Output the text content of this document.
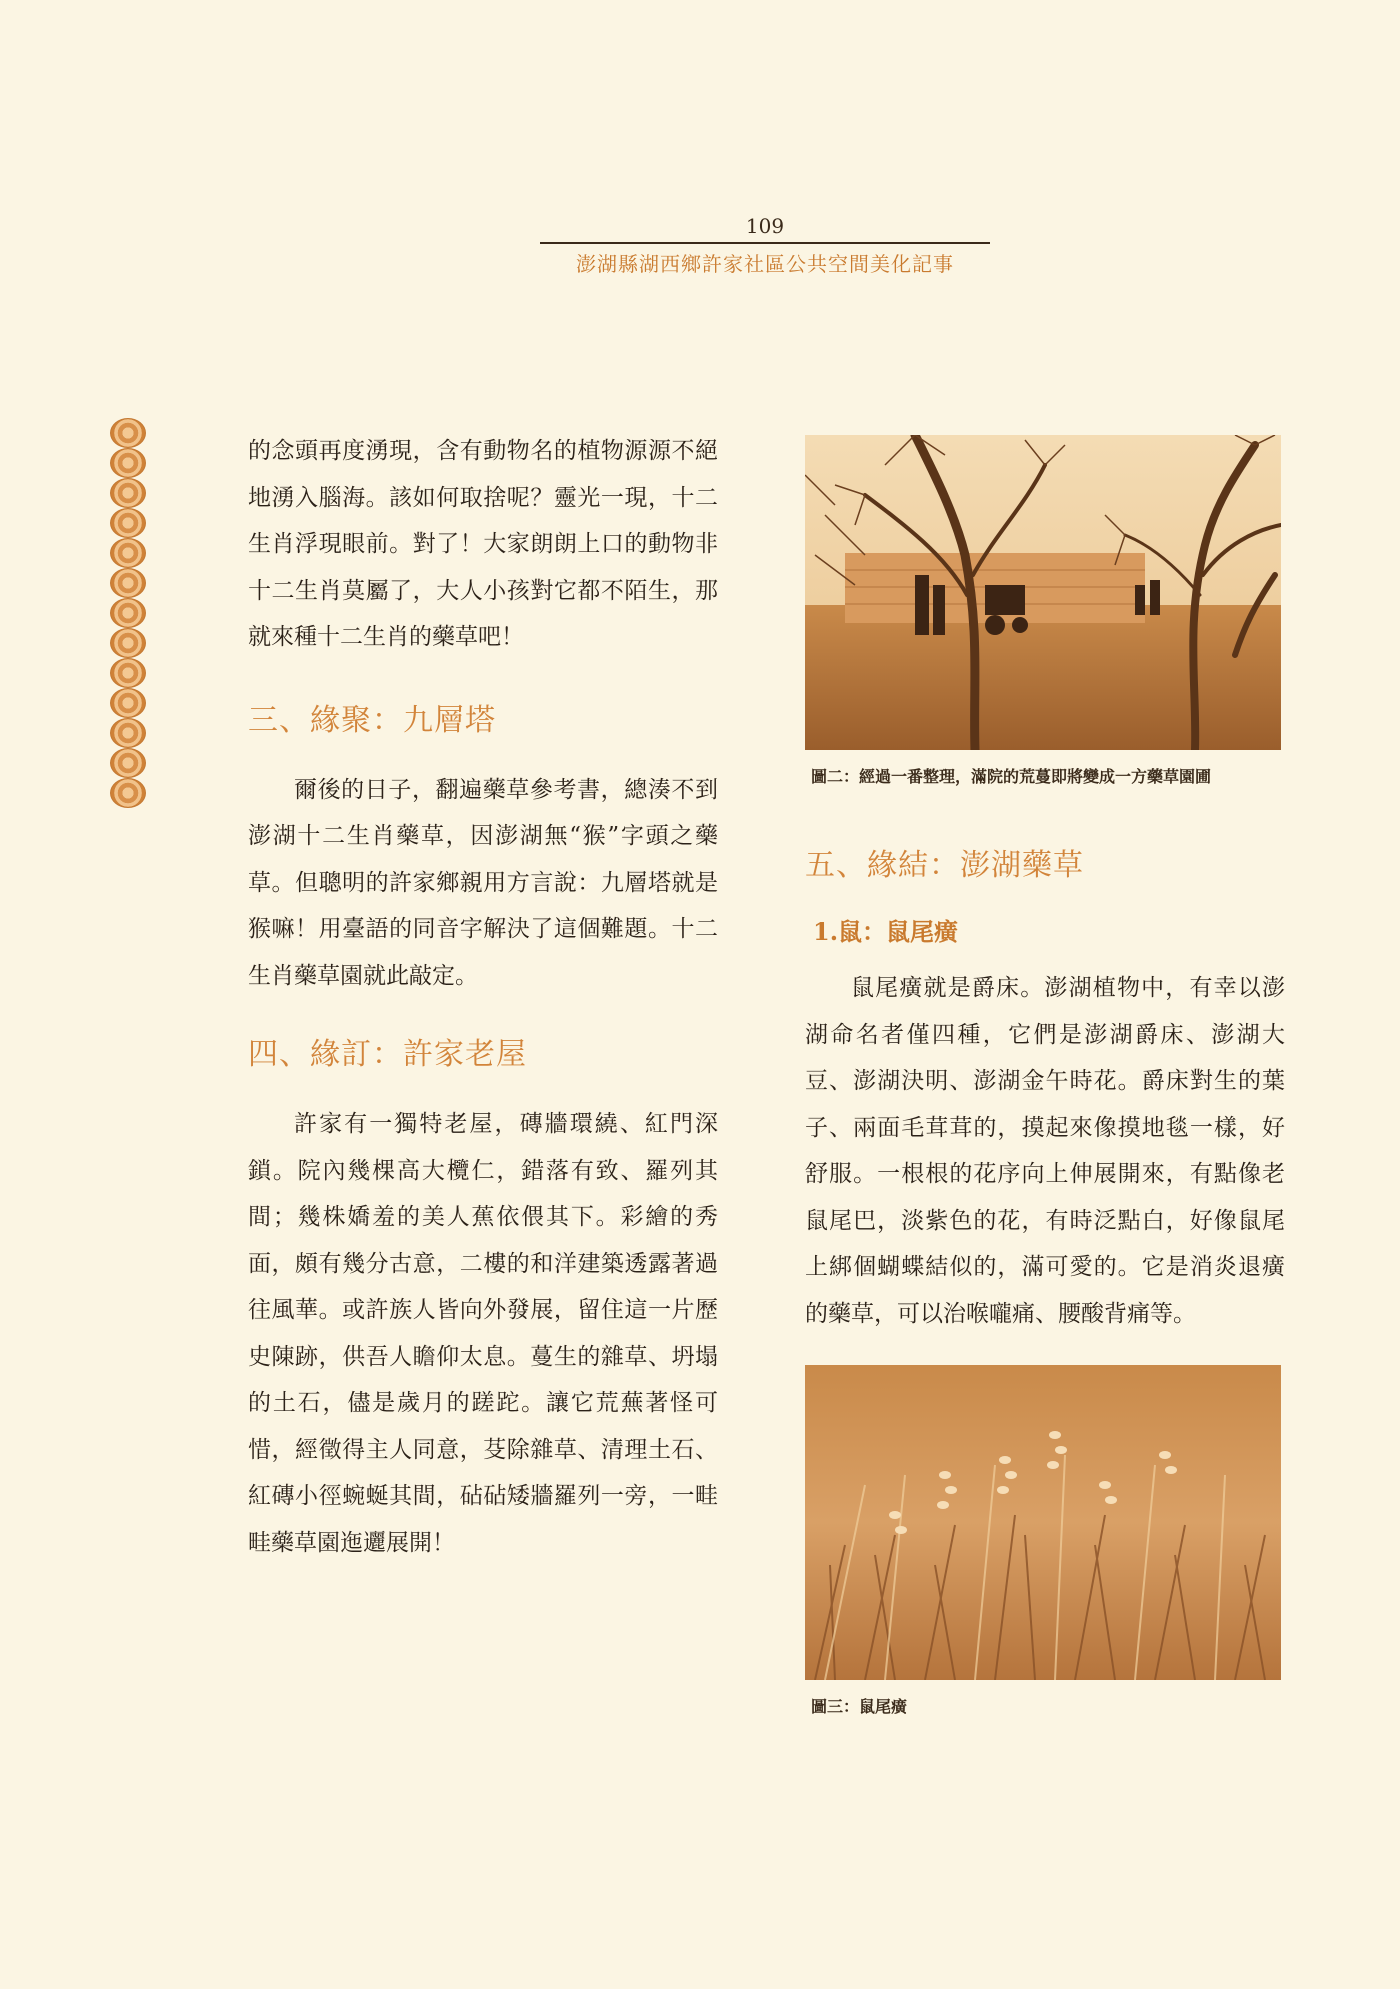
109
澎湖縣湖西鄉許家社區公共空間美化記事

的念頭再度湧現，含有動物名的植物源源不絕地湧入腦海。該如何取捨呢？靈光一現，十二生肖浮現眼前。對了！大家朗朗上口的動物非十二生肖莫屬了，大人小孩對它都不陌生，那就來種十二生肖的藥草吧！

三、緣聚：九層塔

爾後的日子，翻遍藥草參考書，總湊不到澎湖十二生肖藥草，因澎湖無“猴”字頭之藥草。但聰明的許家鄉親用方言說：九層塔就是猴嘛！用臺語的同音字解決了這個難題。十二生肖藥草園就此敲定。

四、緣訂：許家老屋

許家有一獨特老屋，磚牆環繞、紅門深鎖。院內幾棵高大欖仁，錯落有致、羅列其間；幾株嬌羞的美人蕉依偎其下。彩繪的秀面，頗有幾分古意，二樓的和洋建築透露著過往風華。或許族人皆向外發展，留住這一片歷史陳跡，供吾人瞻仰太息。蔓生的雜草、坍塌的土石，儘是歲月的蹉跎。讓它荒蕪著怪可惜，經徵得主人同意，芟除雜草、清理土石、紅磚小徑蜿蜒其間，砧砧矮牆羅列一旁，一畦畦藥草園迤邐展開！

圖二：經過一番整理，滿院的荒蔓即將變成一方藥草園圃

五、緣結：澎湖藥草
1.鼠：鼠尾癀

鼠尾癀就是爵床。澎湖植物中，有幸以澎湖命名者僅四種，它們是澎湖爵床、澎湖大豆、澎湖決明、澎湖金午時花。爵床對生的葉子、兩面毛茸茸的，摸起來像摸地毯一樣，好舒服。一根根的花序向上伸展開來，有點像老鼠尾巴，淡紫色的花，有時泛點白，好像鼠尾上綁個蝴蝶結似的，滿可愛的。它是消炎退癀的藥草，可以治喉嚨痛、腰酸背痛等。

圖三：鼠尾癀
